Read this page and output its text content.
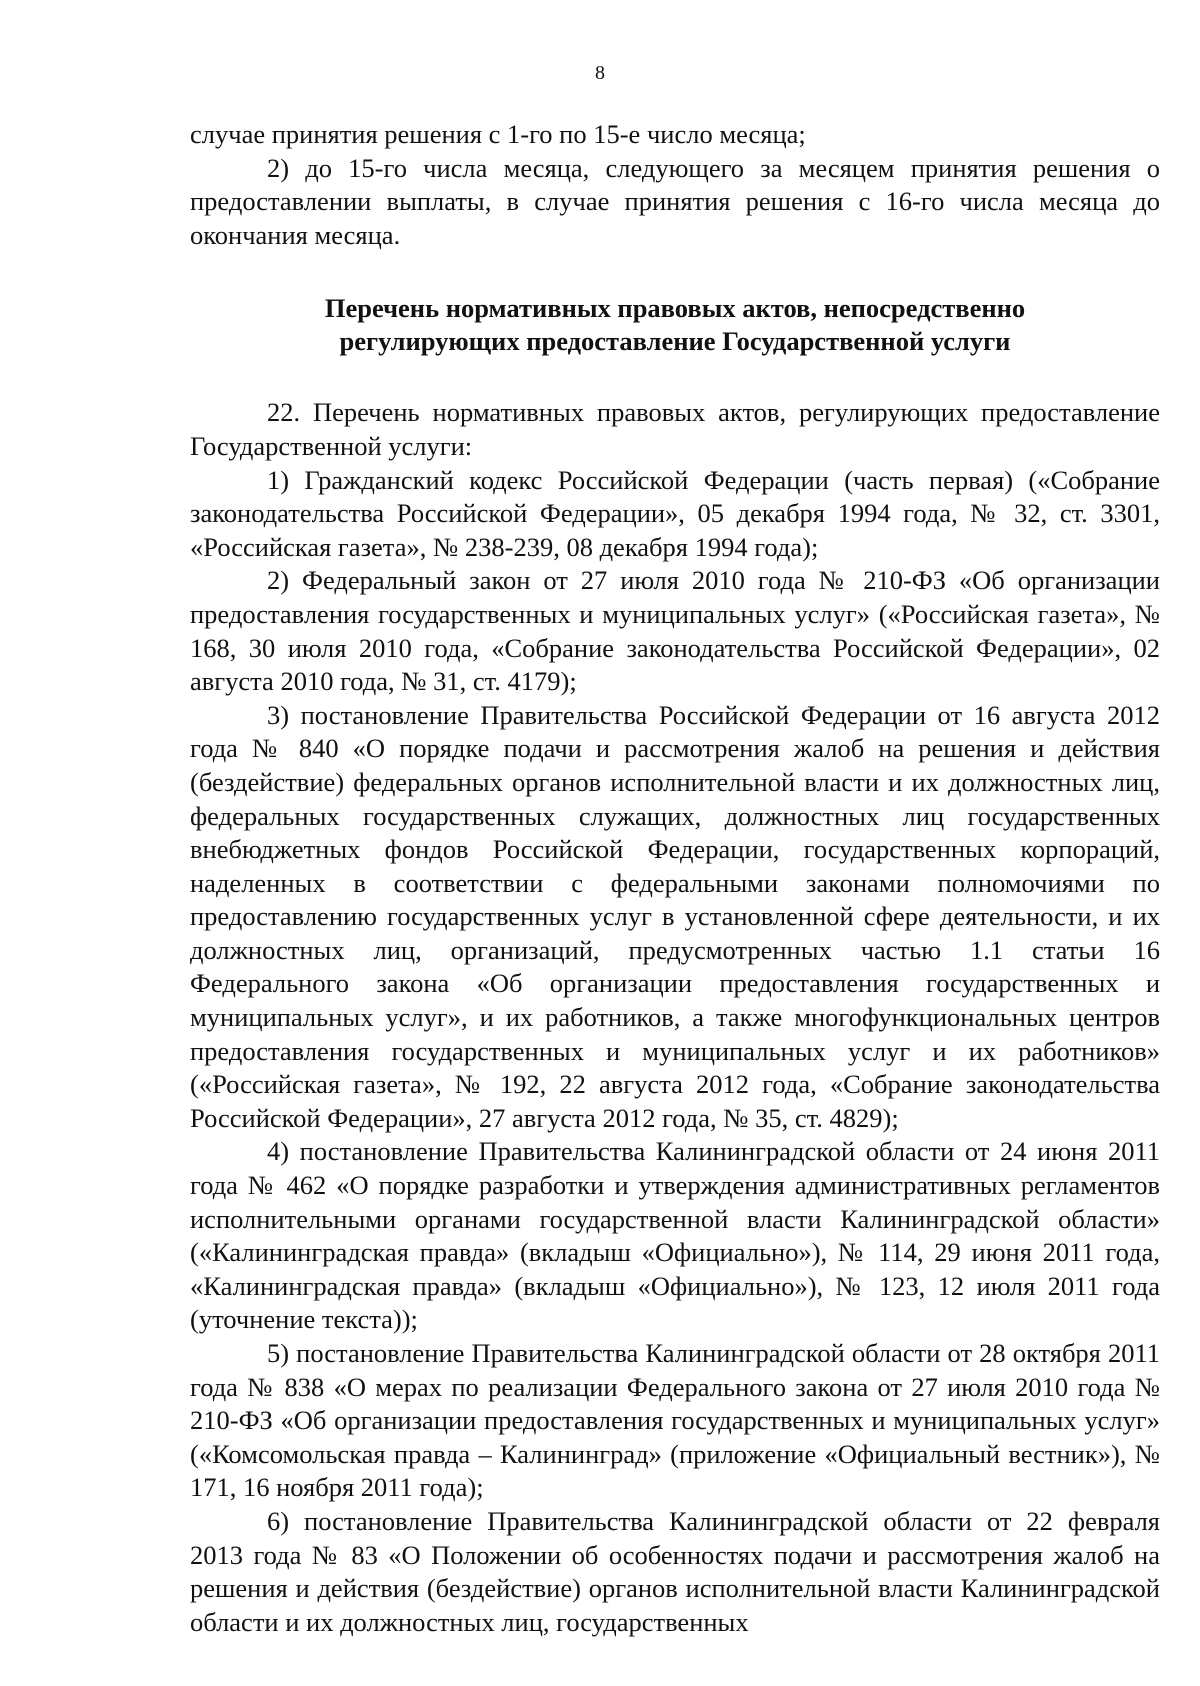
8

случае принятия решения с 1-го по 15-е число месяца;

2) до 15-го числа месяца, следующего за месяцем принятия решения о предоставлении выплаты, в случае принятия решения с 16-го числа месяца до окончания месяца.

Перечень нормативных правовых актов, непосредственно
регулирующих предоставление Государственной услуги

22. Перечень нормативных правовых актов, регулирующих предоставление Государственной услуги:

1) Гражданский кодекс Российской Федерации (часть первая) («Собрание законодательства Российской Федерации», 05 декабря 1994 года, № 32, ст. 3301, «Российская газета», № 238-239, 08 декабря 1994 года);

2) Федеральный закон от 27 июля 2010 года № 210-ФЗ «Об организации предоставления государственных и муниципальных услуг» («Российская газета», № 168, 30 июля 2010 года, «Собрание законодательства Российской Федерации», 02 августа 2010 года, № 31, ст. 4179);

3) постановление Правительства Российской Федерации от 16 августа 2012 года № 840 «О порядке подачи и рассмотрения жалоб на решения и действия (бездействие) федеральных органов исполнительной власти и их должностных лиц, федеральных государственных служащих, должностных лиц государственных внебюджетных фондов Российской Федерации, государственных корпораций, наделенных в соответствии с федеральными законами полномочиями по предоставлению государственных услуг в установленной сфере деятельности, и их должностных лиц, организаций, предусмотренных частью 1.1 статьи 16 Федерального закона «Об организации предоставления государственных и муниципальных услуг», и их работников, а также многофункциональных центров предоставления государственных и муниципальных услуг и их работников» («Российская газета», № 192, 22 августа 2012 года, «Собрание законодательства Российской Федерации», 27 августа 2012 года, № 35, ст. 4829);

4) постановление Правительства Калининградской области от 24 июня 2011 года № 462 «О порядке разработки и утверждения административных регламентов исполнительными органами государственной власти Калининградской области» («Калининградская правда» (вкладыш «Официально»), № 114, 29 июня 2011 года, «Калининградская правда» (вкладыш «Официально»), № 123, 12 июля 2011 года (уточнение текста));

5) постановление Правительства Калининградской области от 28 октября 2011 года № 838 «О мерах по реализации Федерального закона от 27 июля 2010 года № 210-ФЗ «Об организации предоставления государственных и муниципальных услуг» («Комсомольская правда – Калининград» (приложение «Официальный вестник»), № 171, 16 ноября 2011 года);

6) постановление Правительства Калининградской области от 22 февраля 2013 года № 83 «О Положении об особенностях подачи и рассмотрения жалоб на решения и действия (бездействие) органов исполнительной власти Калининградской области и их должностных лиц, государственных
